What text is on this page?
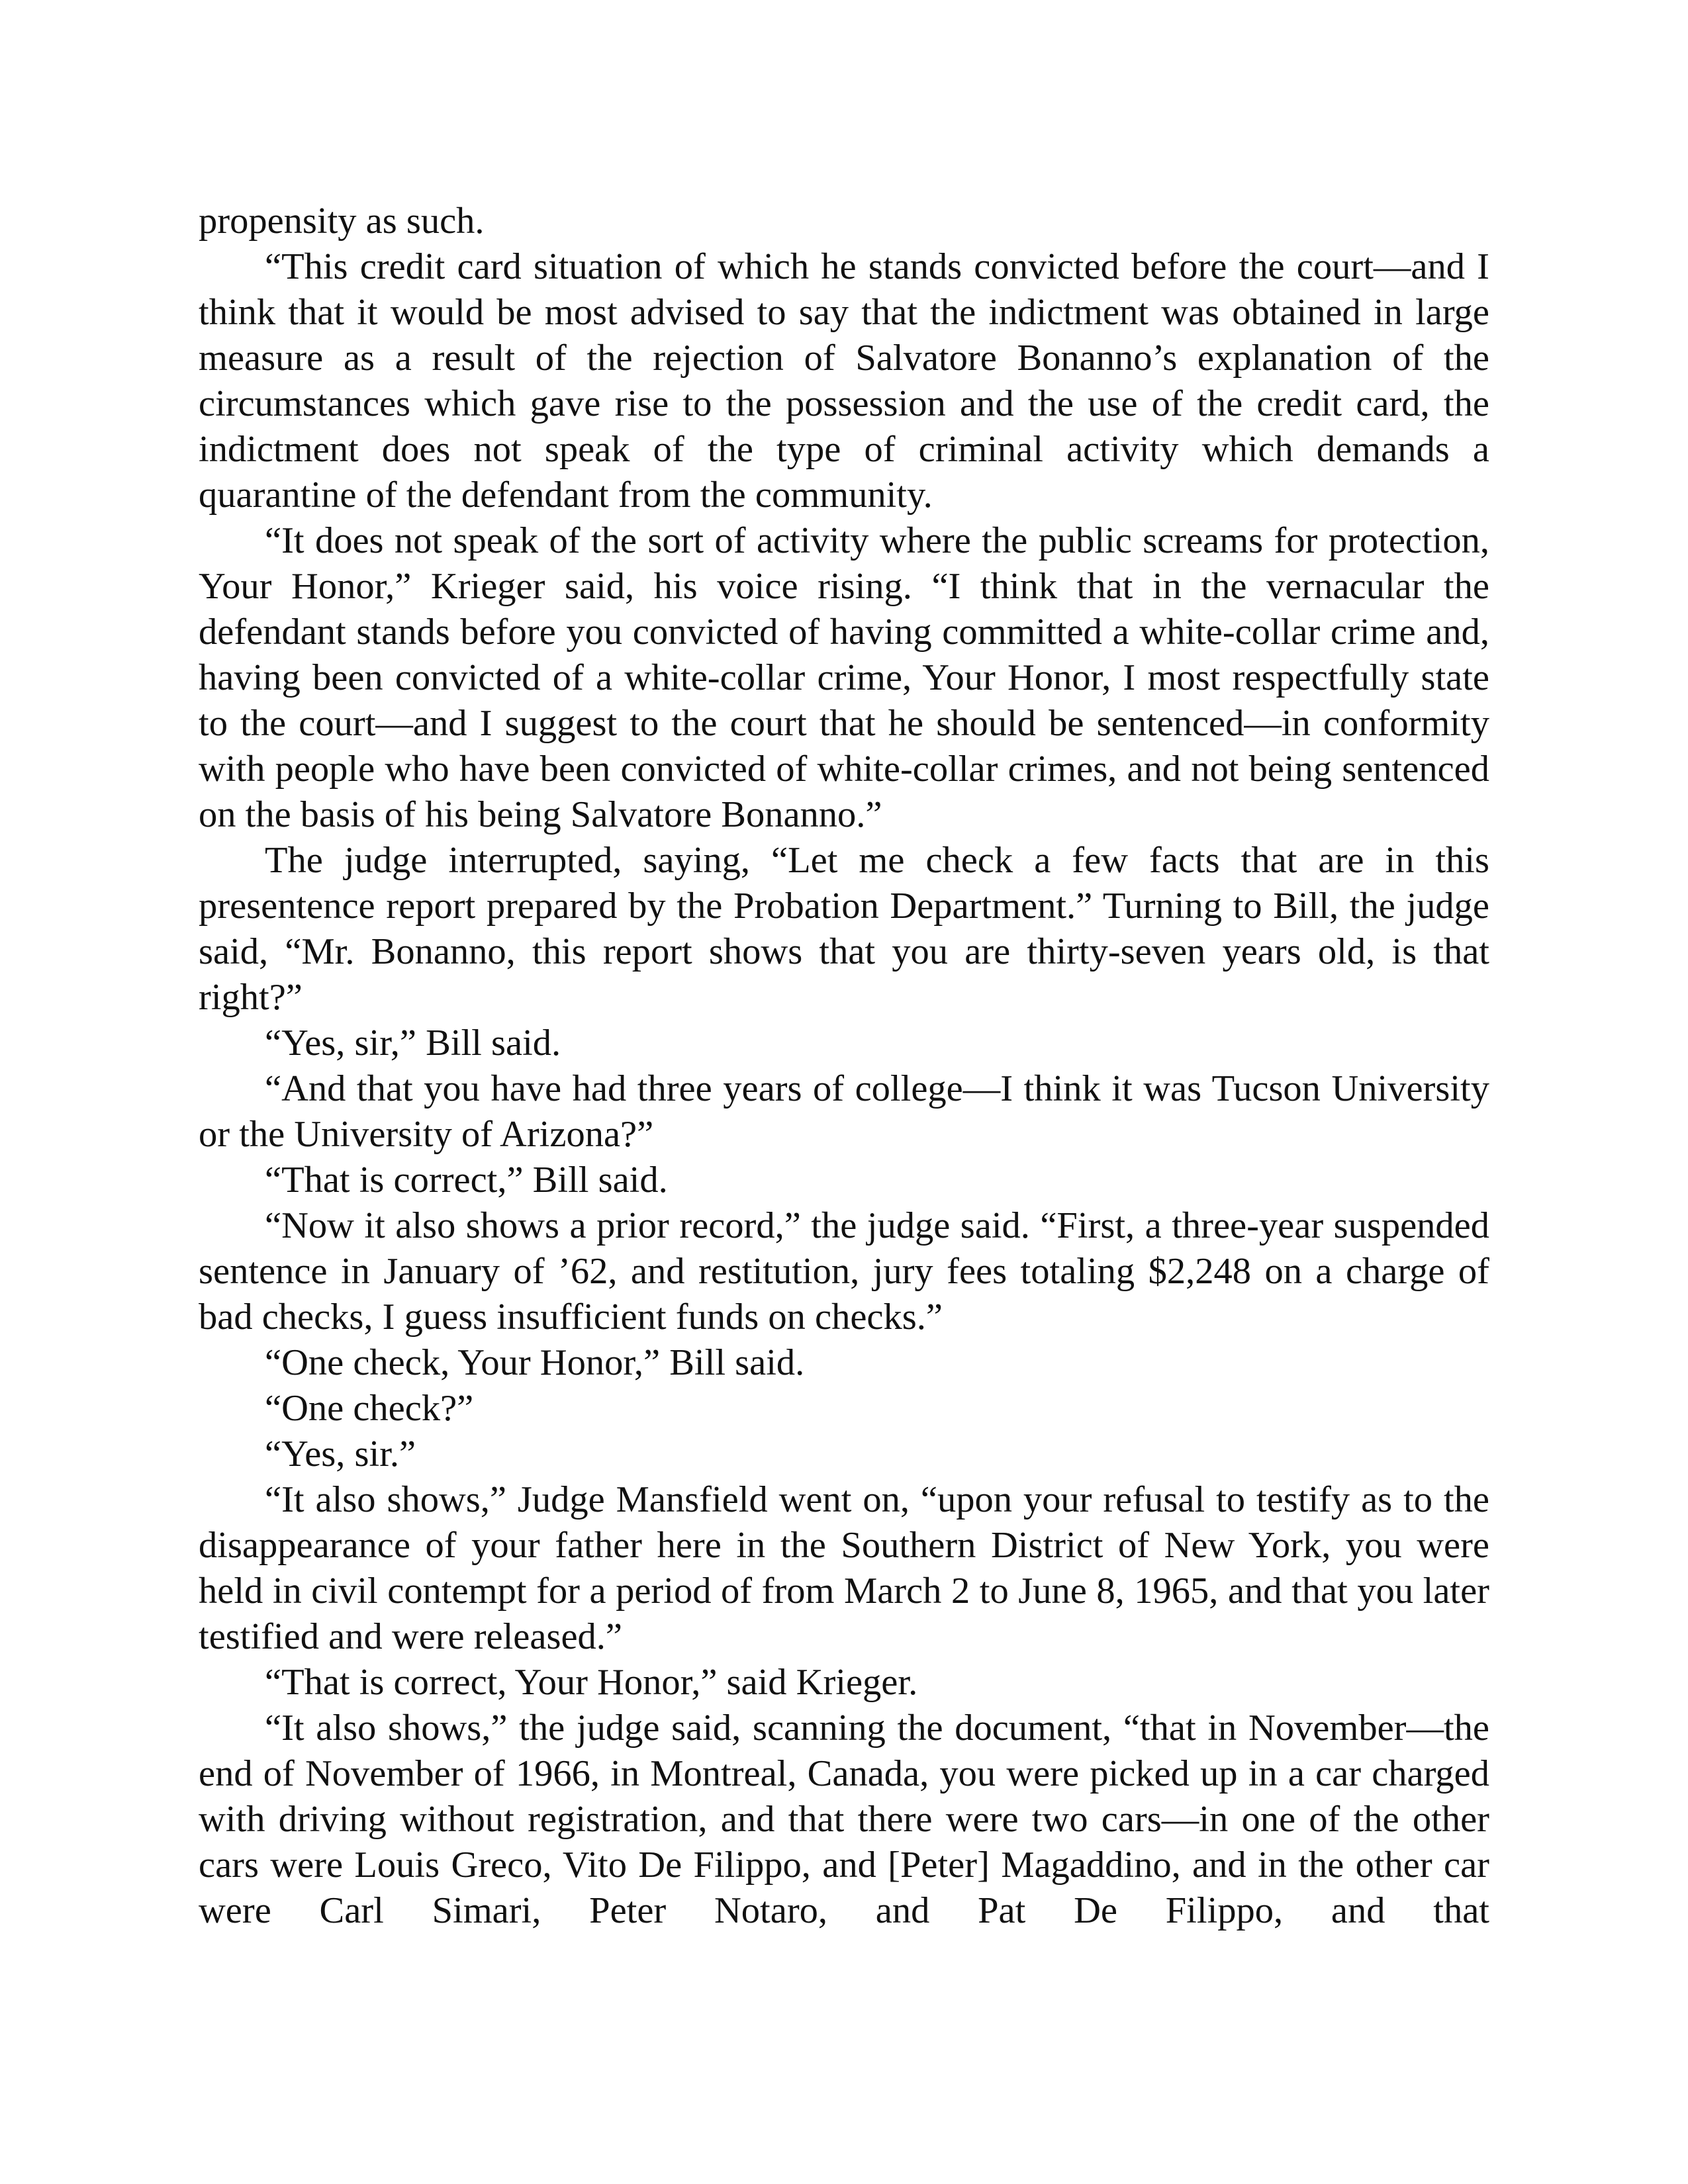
propensity as such.

“This credit card situation of which he stands convicted before the court—and I think that it would be most advised to say that the indictment was obtained in large measure as a result of the rejection of Salvatore Bonanno’s explanation of the circumstances which gave rise to the possession and the use of the credit card, the indictment does not speak of the type of criminal activity which demands a quarantine of the defendant from the community.

“It does not speak of the sort of activity where the public screams for protection, Your Honor,” Krieger said, his voice rising. “I think that in the vernacular the defendant stands before you convicted of having committed a white-collar crime and, having been convicted of a white-collar crime, Your Honor, I most respectfully state to the court—and I suggest to the court that he should be sentenced—in conformity with people who have been convicted of white-collar crimes, and not being sentenced on the basis of his being Salvatore Bonanno.”

The judge interrupted, saying, “Let me check a few facts that are in this presentence report prepared by the Probation Department.” Turning to Bill, the judge said, “Mr. Bonanno, this report shows that you are thirty-seven years old, is that right?”

“Yes, sir,” Bill said.

“And that you have had three years of college—I think it was Tucson University or the University of Arizona?”

“That is correct,” Bill said.

“Now it also shows a prior record,” the judge said. “First, a three-year suspended sentence in January of ’62, and restitution, jury fees totaling $2,248 on a charge of bad checks, I guess insufficient funds on checks.”

“One check, Your Honor,” Bill said.

“One check?”

“Yes, sir.”

“It also shows,” Judge Mansfield went on, “upon your refusal to testify as to the disappearance of your father here in the Southern District of New York, you were held in civil contempt for a period of from March 2 to June 8, 1965, and that you later testified and were released.”

“That is correct, Your Honor,” said Krieger.

“It also shows,” the judge said, scanning the document, “that in November—the end of November of 1966, in Montreal, Canada, you were picked up in a car charged with driving without registration, and that there were two cars—in one of the other cars were Louis Greco, Vito De Filippo, and [Peter] Magaddino, and in the other car were Carl Simari, Peter Notaro, and Pat De Filippo, and that
